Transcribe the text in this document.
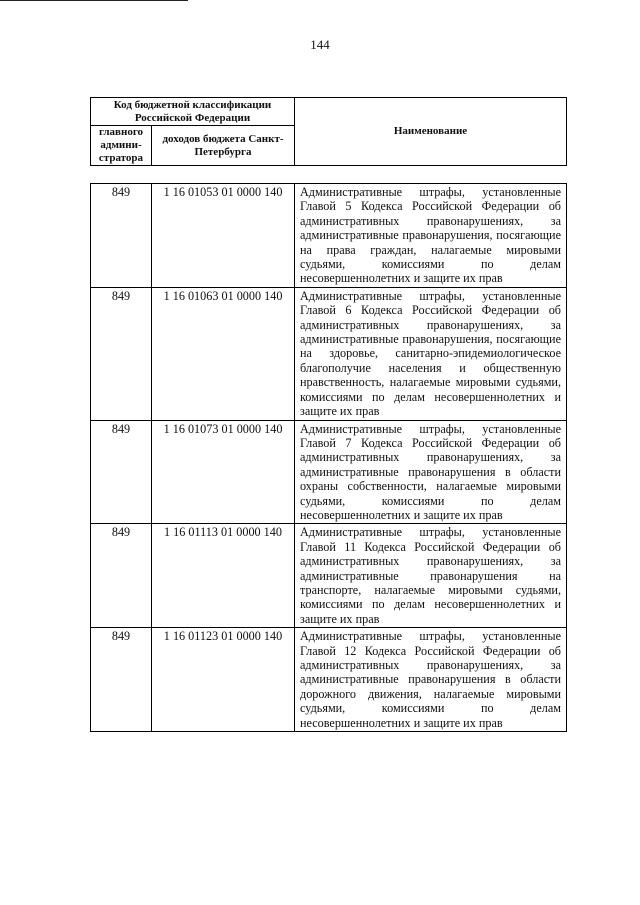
144
Код бюджетной классификации Российской Федерации		Наименование
главного админи-стратора	доходов бюджета Санкт-Петербурга	
849	1 16 01053 01 0000 140	Административные штрафы, установленные Главой 5 Кодекса Российской Федерации об административных правонарушениях, за административные правонарушения, посягающие на права граждан, налагаемые мировыми судьями, комиссиями по делам несовершеннолетних и защите их прав
849	1 16 01063 01 0000 140	Административные штрафы, установленные Главой 6 Кодекса Российской Федерации об административных правонарушениях, за административные правонарушения, посягающие на здоровье, санитарно-эпидемиологическое благополучие населения и общественную нравственность, налагаемые мировыми судьями, комиссиями по делам несовершеннолетних и защите их прав
849	1 16 01073 01 0000 140	Административные штрафы, установленные Главой 7 Кодекса Российской Федерации об административных правонарушениях, за административные правонарушения в области охраны собственности, налагаемые мировыми судьями, комиссиями по делам несовершеннолетних и защите их прав
849	1 16 01113 01 0000 140	Административные штрафы, установленные Главой 11 Кодекса Российской Федерации об административных правонарушениях, за административные правонарушения на транспорте, налагаемые мировыми судьями, комиссиями по делам несовершеннолетних и защите их прав
849	1 16 01123 01 0000 140	Административные штрафы, установленные Главой 12 Кодекса Российской Федерации об административных правонарушениях, за административные правонарушения в области дорожного движения, налагаемые мировыми судьями, комиссиями по делам несовершеннолетних и защите их прав
